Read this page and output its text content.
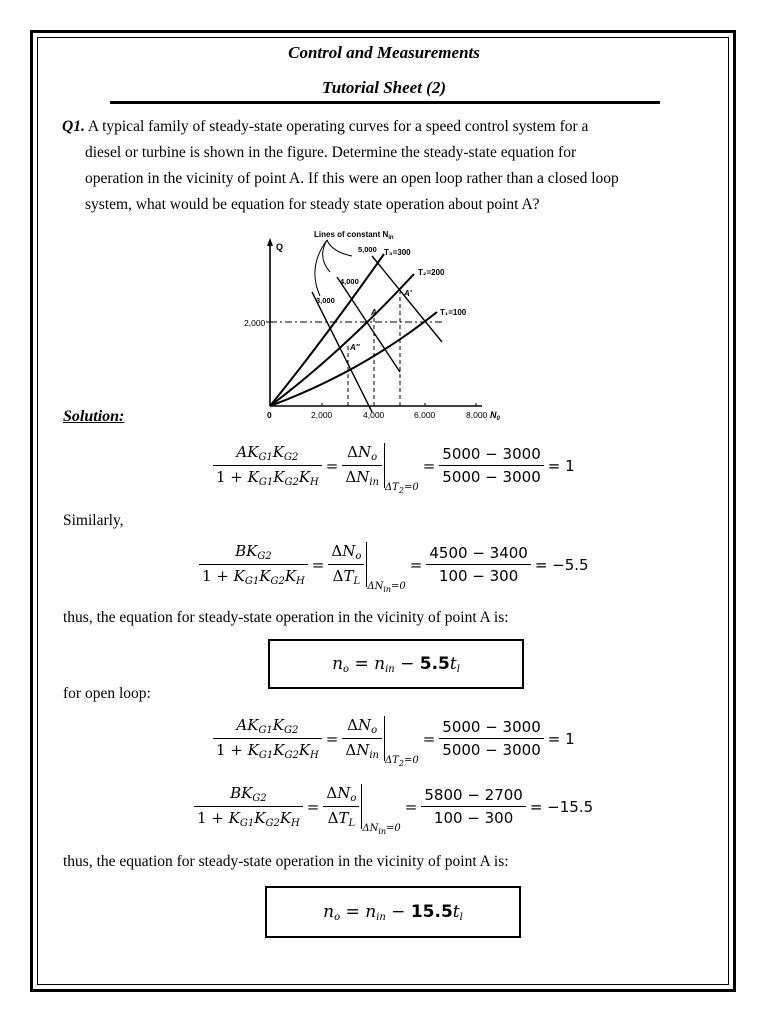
Control and Measurements
Tutorial Sheet (2)
Q1. A typical family of steady-state operating curves for a speed control system for a
diesel or turbine is shown in the figure. Determine the steady-state equation for
operation in the vicinity of point A. If this were an open loop rather than a closed loop
system, what would be equation for steady state operation about point A?
Q
0	2,000	4,000	6,000	8,000 $N_0$
2,000
Lines of constant $N_{in}$
5,000
4,000
3,000
T₃=300
T₂=200
T₁=100
A
A′
A″
Solution:
$\frac{AK_{G1}K_{G2}}{1 + K_{G1}K_{G2}K_H} = \frac{\Delta N_o}{\Delta N_{in}} _{\Delta T_2=0}= \frac{5000 - 3000}{5000 - 3000} = 1$
Similarly,
$\frac{BK_{G2}}{1 + K_{G1}K_{G2}K_H} = \frac{\Delta N_o}{\Delta T_L} _{\Delta N_{in}=0}= \frac{4500 - 3400}{100 - 300} = -5.5$
thus, the equation for steady-state operation in the vicinity of point A is:
$n_o = n_{in} - 5.5t_l$
for open loop:
$\frac{AK_{G1}K_{G2}}{1 + K_{G1}K_{G2}K_H} = \frac{\Delta N_o}{\Delta N_{in}} _{\Delta T_2=0}= \frac{5000 - 3000}{5000 - 3000} = 1$
$\frac{BK_{G2}}{1 + K_{G1}K_{G2}K_H} = \frac{\Delta N_o}{\Delta T_L} _{\Delta N_{in}=0}= \frac{5800 - 2700}{100 - 300} = -15.5$
thus, the equation for steady-state operation in the vicinity of point A is:
$n_o = n_{in} - 15.5t_l$
